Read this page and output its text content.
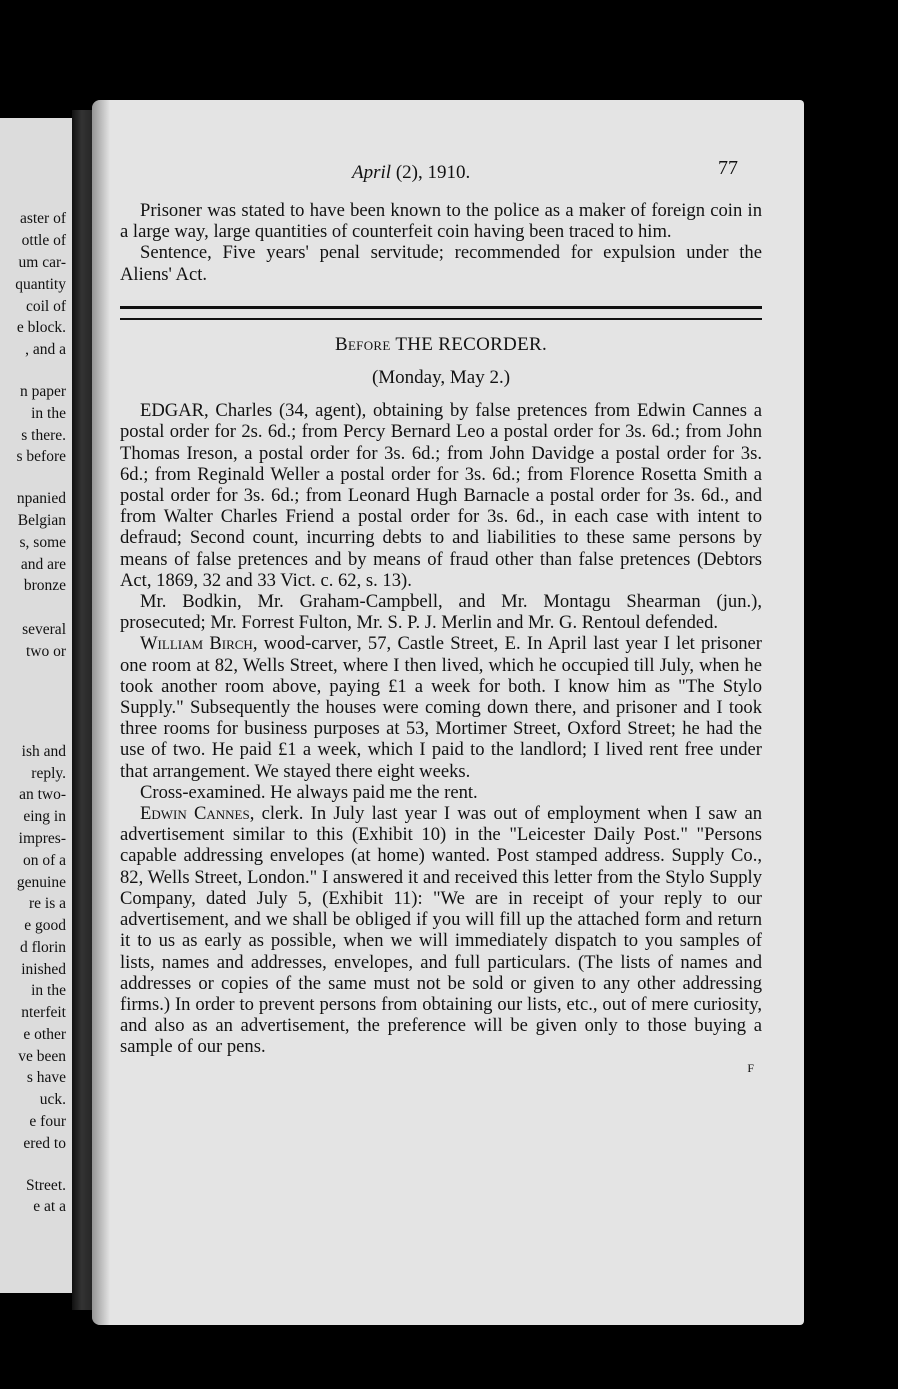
aster of
ottle of
um car-
quantity
coil of
e block.
, and a
n paper
in the
s there.
s before
npanied
Belgian
s, some
and are
bronze
several
two or
ish and
reply.
an two-
eing in
impres-
on of a
genuine
re is a
e good
d florin
inished
in the
nterfeit
e other
ve been
s have
uck.
e four
ered to
Street.
e at a
April (2), 1910.	77

Prisoner was stated to have been known to the police as a maker of foreign coin in a large way, large quantities of counterfeit coin having been traced to him.

Sentence, Five years' penal servitude; recommended for expulsion under the Aliens' Act.

Before THE RECORDER.
(Monday, May 2.)

EDGAR, Charles (34, agent), obtaining by false pretences from Edwin Cannes a postal order for 2s. 6d.; from Percy Bernard Leo a postal order for 3s. 6d.; from John Thomas Ireson, a postal order for 3s. 6d.; from John Davidge a postal order for 3s. 6d.; from Reginald Weller a postal order for 3s. 6d.; from Florence Rosetta Smith a postal order for 3s. 6d.; from Leonard Hugh Barnacle a postal order for 3s. 6d., and from Walter Charles Friend a postal order for 3s. 6d., in each case with intent to defraud; Second count, incurring debts to and liabilities to these same persons by means of false pretences and by means of fraud other than false pretences (Debtors Act, 1869, 32 and 33 Vict. c. 62, s. 13).

Mr. Bodkin, Mr. Graham-Campbell, and Mr. Montagu Shearman (jun.), prosecuted; Mr. Forrest Fulton, Mr. S. P. J. Merlin and Mr. G. Rentoul defended.

William Birch, wood-carver, 57, Castle Street, E. In April last year I let prisoner one room at 82, Wells Street, where I then lived, which he occupied till July, when he took another room above, paying £1 a week for both. I know him as "The Stylo Supply." Subsequently the houses were coming down there, and prisoner and I took three rooms for business purposes at 53, Mortimer Street, Oxford Street; he had the use of two. He paid £1 a week, which I paid to the landlord; I lived rent free under that arrangement. We stayed there eight weeks.

Cross-examined. He always paid me the rent.

Edwin Cannes, clerk. In July last year I was out of employment when I saw an advertisement similar to this (Exhibit 10) in the "Leicester Daily Post." "Persons capable addressing envelopes (at home) wanted. Post stamped address. Supply Co., 82, Wells Street, London." I answered it and received this letter from the Stylo Supply Company, dated July 5, (Exhibit 11): "We are in receipt of your reply to our advertisement, and we shall be obliged if you will fill up the attached form and return it to us as early as possible, when we will immediately dispatch to you samples of lists, names and addresses, envelopes, and full particulars. (The lists of names and addresses or copies of the same must not be sold or given to any other addressing firms.) In order to prevent persons from obtaining our lists, etc., out of mere curiosity, and also as an advertisement, the preference will be given only to those buying a sample of our pens.

F
